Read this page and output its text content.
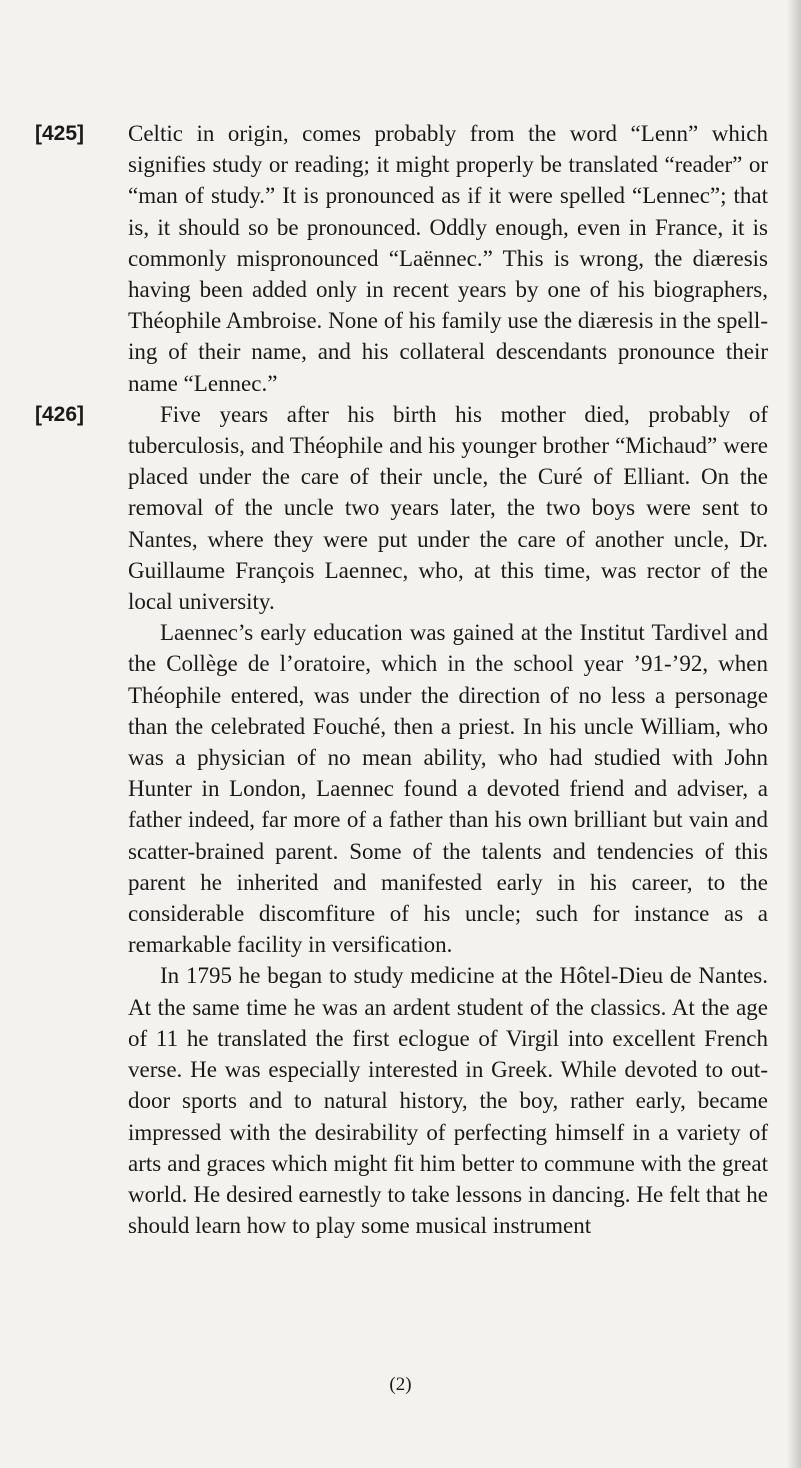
[425] Celtic in origin, comes probably from the word “Lenn” which signifies study or reading; it might properly be translated “reader” or “man of study.” It is pronounced as if it were spelled “Lennec”; that is, it should so be pronounced. Oddly enough, even in France, it is commonly mispronounced “Laënnec.” This is wrong, the diæresis having been added only in recent years by one of his biographers, Théophile Ambroise. None of his family use the diæresis in the spelling of their name, and his collateral descendants pronounce their name “Lennec.”

[426]	Five years after his birth his mother died, probably of tuberculosis, and Théophile and his younger brother “Michaud” were placed under the care of their uncle, the Curé of Elliant. On the removal of the uncle two years later, the two boys were sent to Nantes, where they were put under the care of another uncle, Dr. Guillaume François Laennec, who, at this time, was rector of the local university.

Laennec’s early education was gained at the Institut Tardivel and the Collège de l’oratoire, which in the school year ’91-’92, when Théophile entered, was under the direction of no less a personage than the celebrated Fouché, then a priest. In his uncle William, who was a physician of no mean ability, who had studied with John Hunter in London, Laennec found a devoted friend and adviser, a father indeed, far more of a father than his own brilliant but vain and scatter-brained parent. Some of the talents and tendencies of this parent he inherited and manifested early in his career, to the considerable discomfiture of his uncle; such for instance as a remarkable facility in versification.

In 1795 he began to study medicine at the Hôtel-Dieu de Nantes. At the same time he was an ardent student of the classics. At the age of 11 he translated the first eclogue of Virgil into excellent French verse. He was especially interested in Greek. While devoted to out-door sports and to natural history, the boy, rather early, became impressed with the desirability of perfecting himself in a variety of arts and graces which might fit him better to commune with the great world. He desired earnestly to take lessons in dancing. He felt that he should learn how to play some musical instrument

(2)
